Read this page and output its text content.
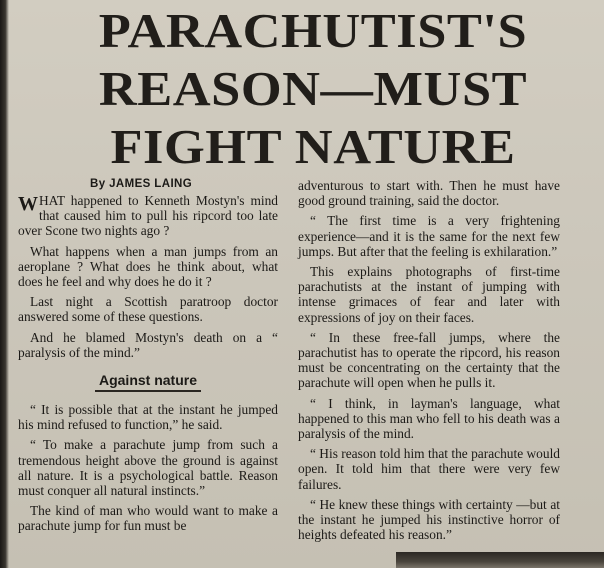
PARACHUTIST'S
REASON—MUST
FIGHT NATURE
By JAMES LAING

W HAT happened to Kenneth Mostyn's mind that caused him to pull his ripcord too late over Scone two nights ago ?

What happens when a man jumps from an aeroplane ? What does he think about, what does he feel and why does he do it ?

Last night a Scottish paratroop doctor answered some of these questions.

And he blamed Mostyn's death on a “ paralysis of the mind.”

Against nature

“ It is possible that at the instant he jumped his mind refused to function,” he said.

“ To make a parachute jump from such a tremendous height above the ground is against all nature. It is a psychological battle. Reason must conquer all natural instincts.”

The kind of man who would want to make a parachute jump for fun must be

adventurous to start with. Then he must have good ground training, said the doctor.

“ The first time is a very frightening experience—and it is the same for the next few jumps. But after that the feeling is exhilaration.”

This explains photographs of first-time parachutists at the instant of jumping with intense grimaces of fear and later with expressions of joy on their faces.

“ In these free-fall jumps, where the parachutist has to operate the ripcord, his reason must be concentrating on the certainty that the parachute will open when he pulls it.

“ I think, in layman's language, what happened to this man who fell to his death was a paralysis of the mind.

“ His reason told him that the parachute would open. It told him that there were very few failures.

“ He knew these things with certainty —but at the instant he jumped his instinctive horror of heights defeated his reason.”
